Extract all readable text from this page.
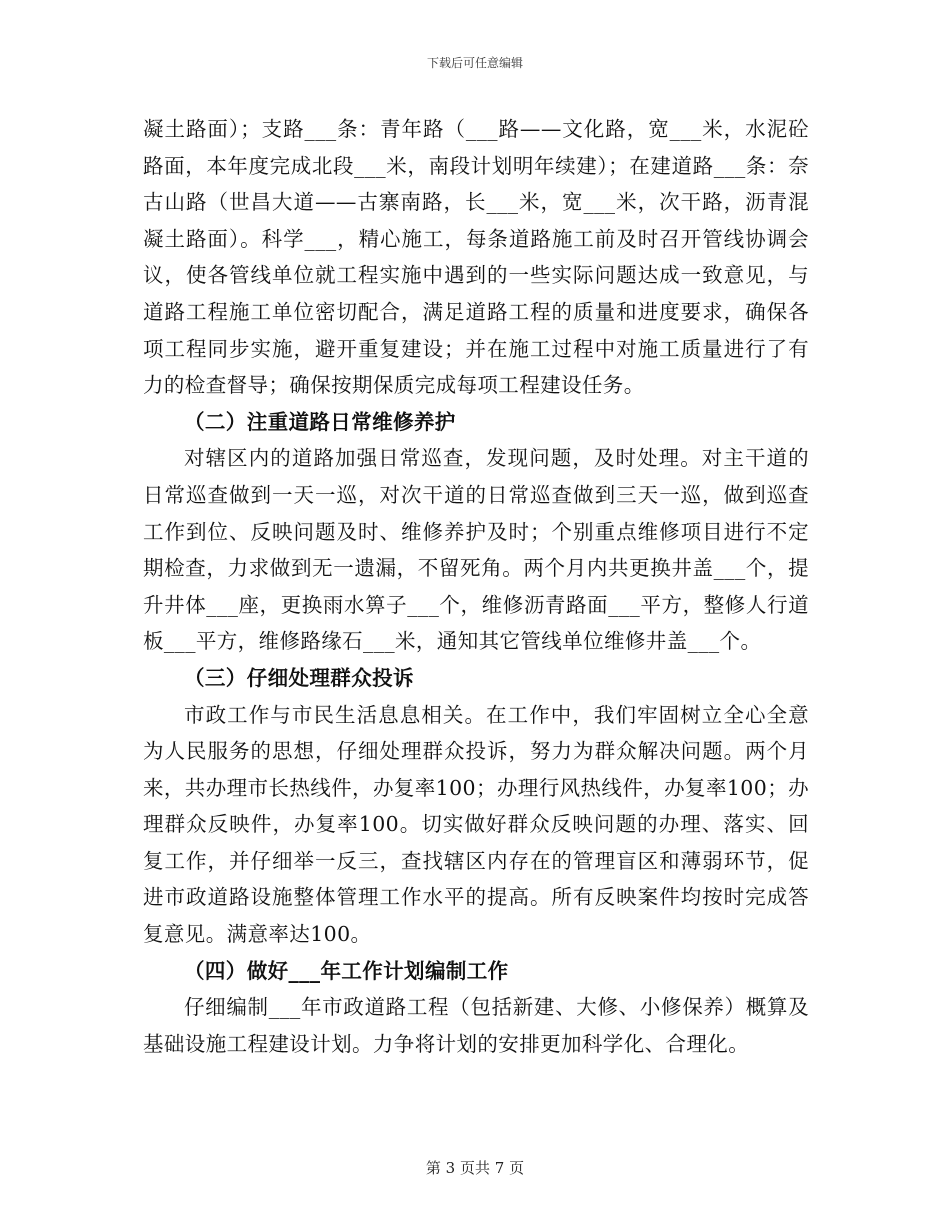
下载后可任意编辑

凝土路面）；支路___条：青年路（___路——文化路，宽___米，水泥砼路面，本年度完成北段___米，南段计划明年续建）；在建道路___条：奈古山路（世昌大道——古寨南路，长___米，宽___米，次干路，沥青混凝土路面）。科学___，精心施工，每条道路施工前及时召开管线协调会议，使各管线单位就工程实施中遇到的一些实际问题达成一致意见，与道路工程施工单位密切配合，满足道路工程的质量和进度要求，确保各项工程同步实施，避开重复建设；并在施工过程中对施工质量进行了有力的检查督导；确保按期保质完成每项工程建设任务。

（二）注重道路日常维修养护

对辖区内的道路加强日常巡查，发现问题，及时处理。对主干道的日常巡查做到一天一巡，对次干道的日常巡查做到三天一巡，做到巡查工作到位、反映问题及时、维修养护及时；个别重点维修项目进行不定期检查，力求做到无一遗漏，不留死角。两个月内共更换井盖___个，提升井体___座，更换雨水箅子___个，维修沥青路面___平方，整修人行道板___平方，维修路缘石___米，通知其它管线单位维修井盖___个。

（三）仔细处理群众投诉

市政工作与市民生活息息相关。在工作中，我们牢固树立全心全意为人民服务的思想，仔细处理群众投诉，努力为群众解决问题。两个月来，共办理市长热线件，办复率100；办理行风热线件，办复率100；办理群众反映件，办复率100。切实做好群众反映问题的办理、落实、回复工作，并仔细举一反三，查找辖区内存在的管理盲区和薄弱环节，促进市政道路设施整体管理工作水平的提高。所有反映案件均按时完成答复意见。满意率达100。

（四）做好___年工作计划编制工作

仔细编制___年市政道路工程（包括新建、大修、小修保养）概算及基础设施工程建设计划。力争将计划的安排更加科学化、合理化。

第 3 页共 7 页
